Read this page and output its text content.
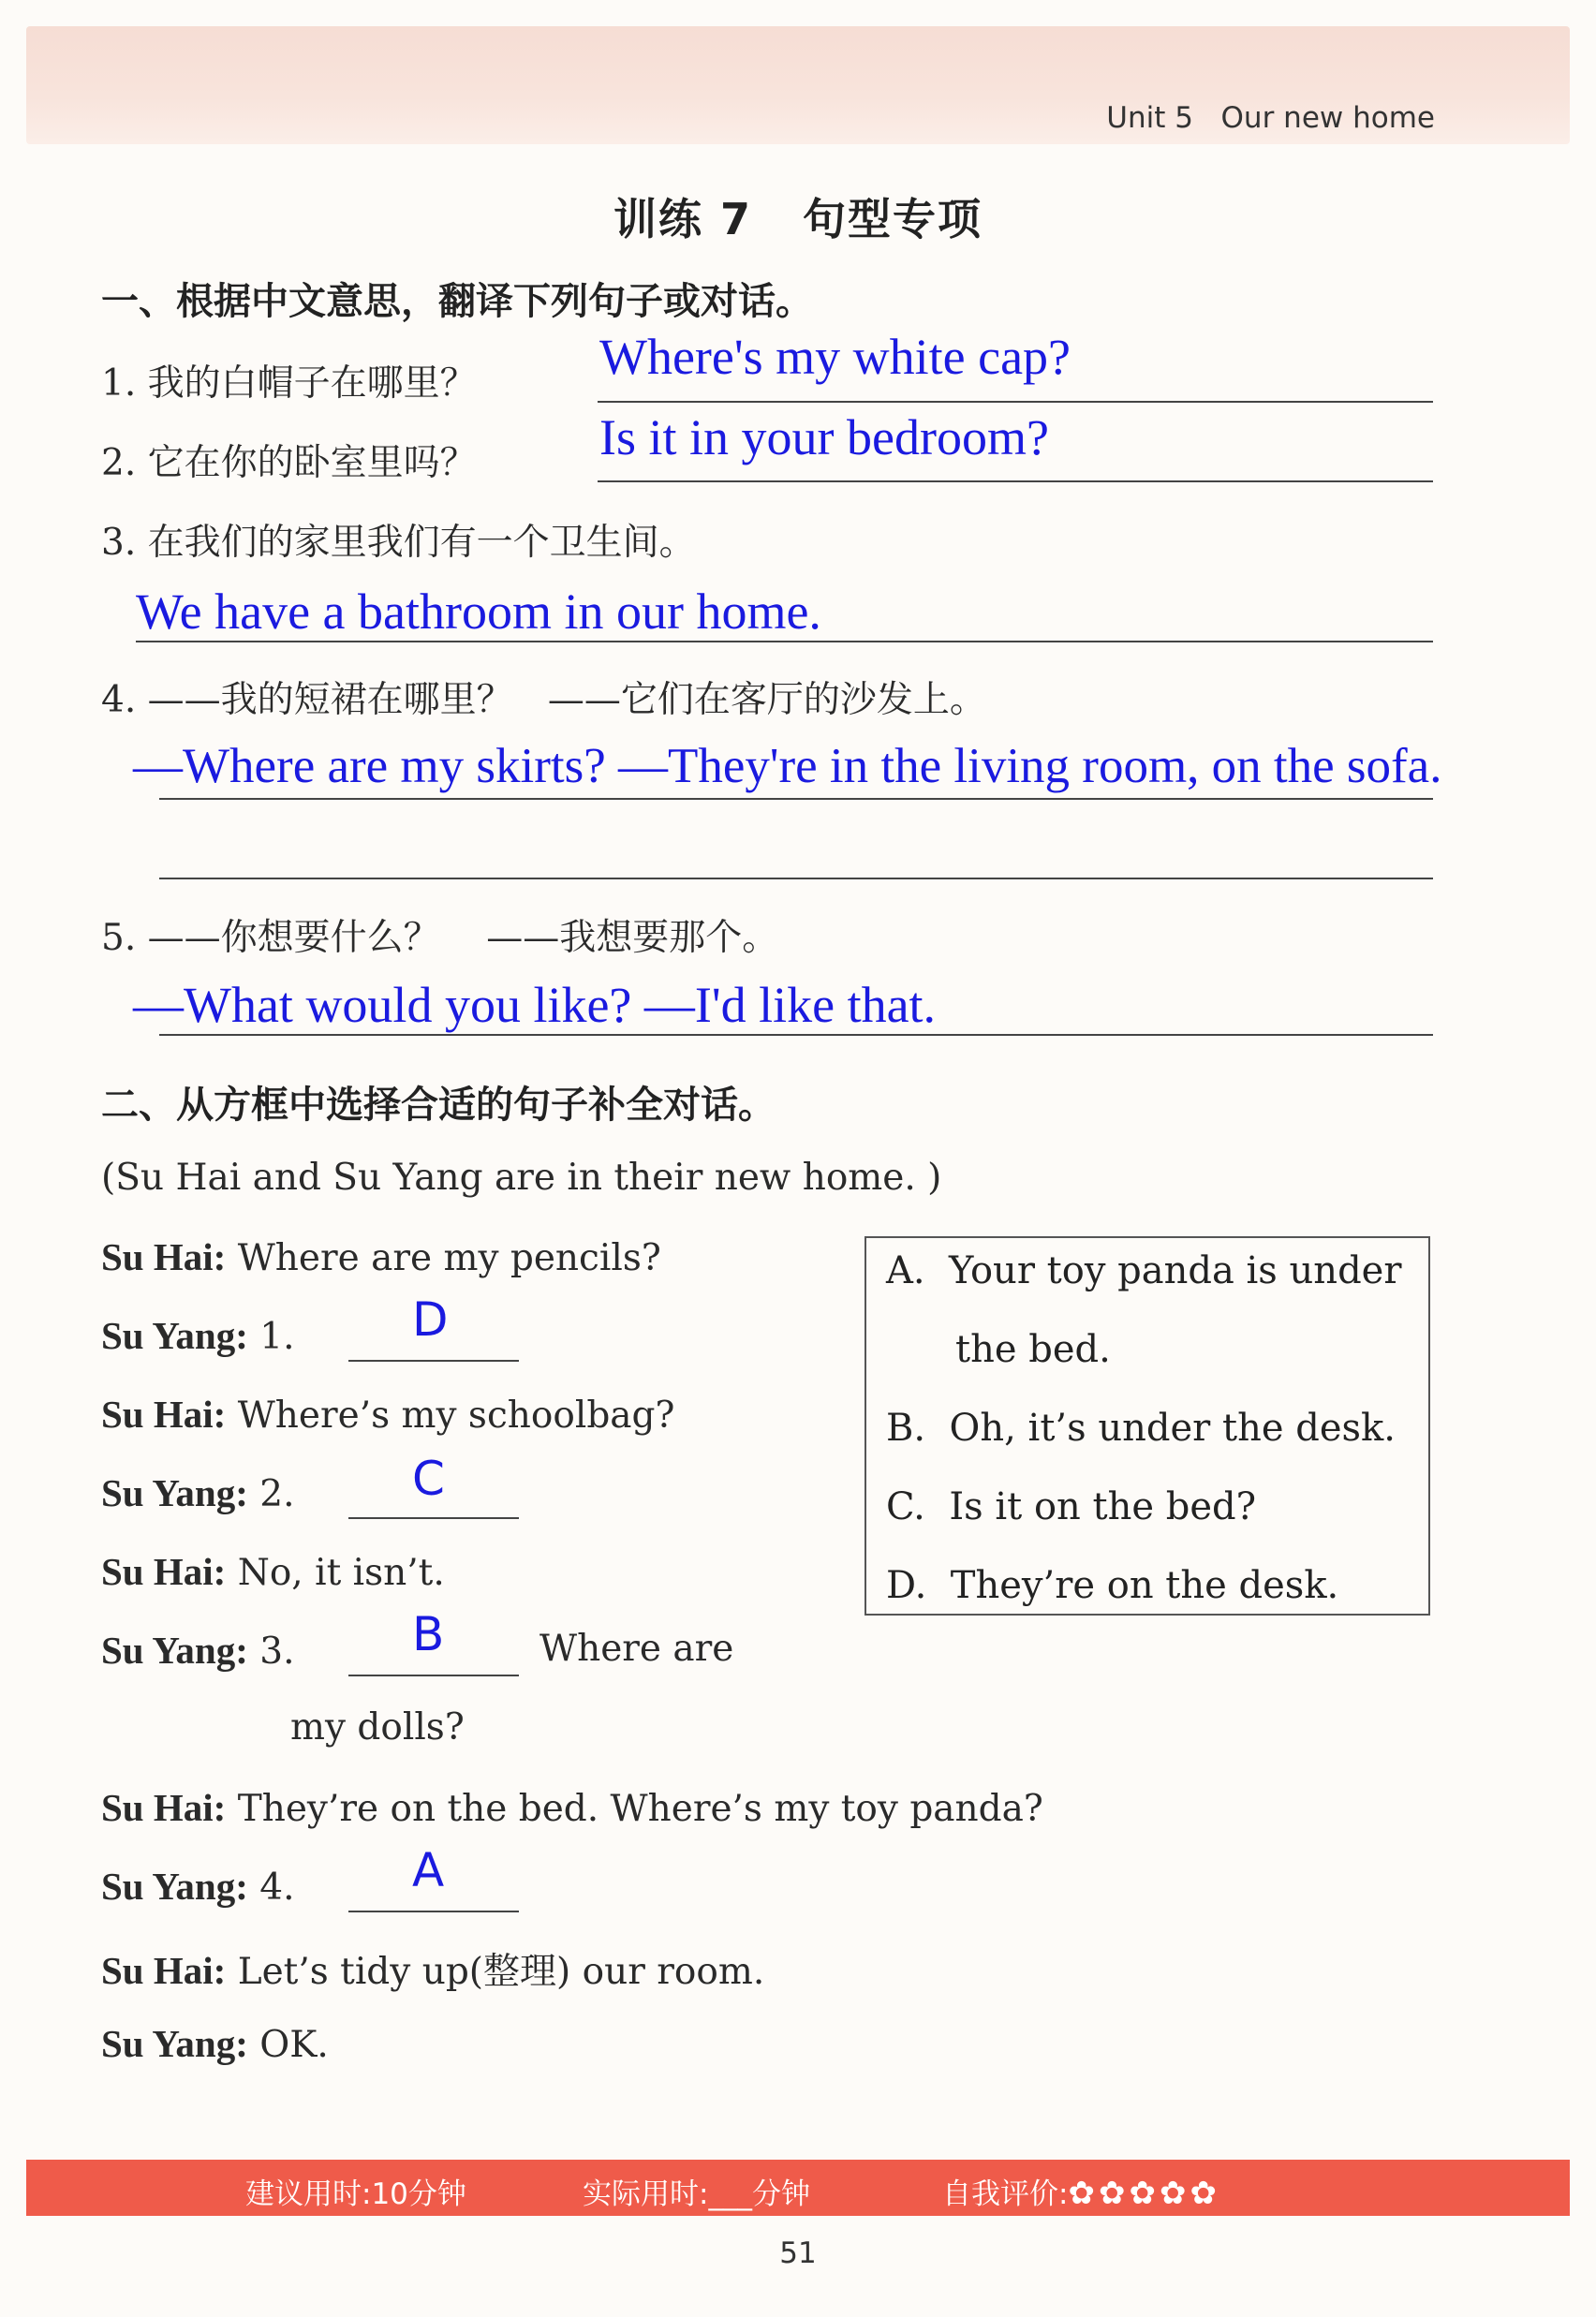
Unit 5 Our new home
训练 7 句型专项
一、根据中文意思，翻译下列句子或对话。
1. 我的白帽子在哪里？ Where's my white cap?
2. 它在你的卧室里吗？ Is it in your bedroom?
3. 在我们的家里我们有一个卫生间。
We have a bathroom in our home.
4. ——我的短裙在哪里？ ——它们在客厅的沙发上。
—Where are my skirts? —They're in the living room, on the sofa.
5. ——你想要什么？ ——我想要那个。
—What would you like? —I'd like that.
二、从方框中选择合适的句子补全对话。
(Su Hai and Su Yang are in their new home. )
Su Hai: Where are my pencils?
Su Yang: 1.	D
Su Hai: Where’s my schoolbag?
Su Yang: 2.	C
Su Hai: No, it isn’t.
Su Yang: 3.	B	Where are
my dolls?
Su Hai: They’re on the bed. Where’s my toy panda?
Su Yang: 4.	A
Su Hai: Let’s tidy up(整理) our room.
Su Yang: OK.
A. Your toy panda is under
the bed.
B. Oh, it’s under the desk.
C. Is it on the bed?
D. They’re on the desk.
建议用时:10分钟	实际用时:___分钟	自我评价:✿ ✿ ✿ ✿ ✿
51
